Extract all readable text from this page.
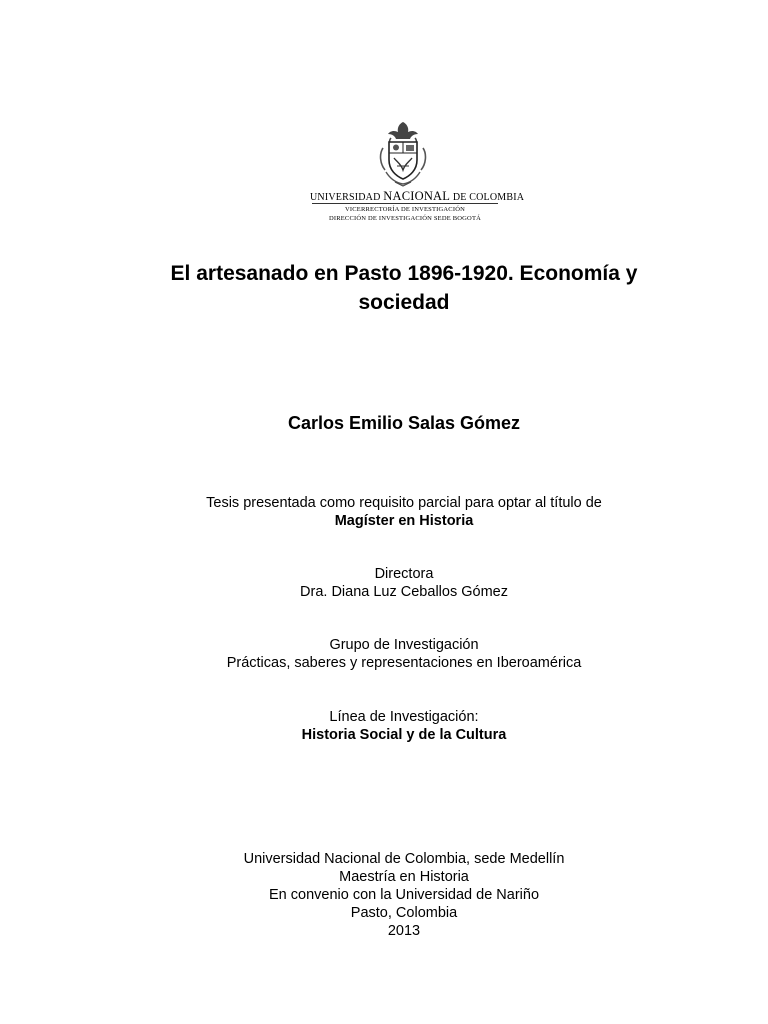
UNIVERSIDAD NACIONAL DE COLOMBIA
VICERRECTORÍA DE INVESTIGACIÓN
DIRECCIÓN DE INVESTIGACIÓN SEDE BOGOTÁ
El artesanado en Pasto 1896-1920. Economía y
sociedad
Carlos Emilio Salas Gómez
Tesis presentada como requisito parcial para optar al título de
Magíster en Historia
Directora
Dra. Diana Luz Ceballos Gómez
Grupo de Investigación
Prácticas, saberes y representaciones en Iberoamérica
Línea de Investigación:
Historia Social y de la Cultura
Universidad Nacional de Colombia, sede Medellín
Maestría en Historia
En convenio con la Universidad de Nariño
Pasto, Colombia
2013
